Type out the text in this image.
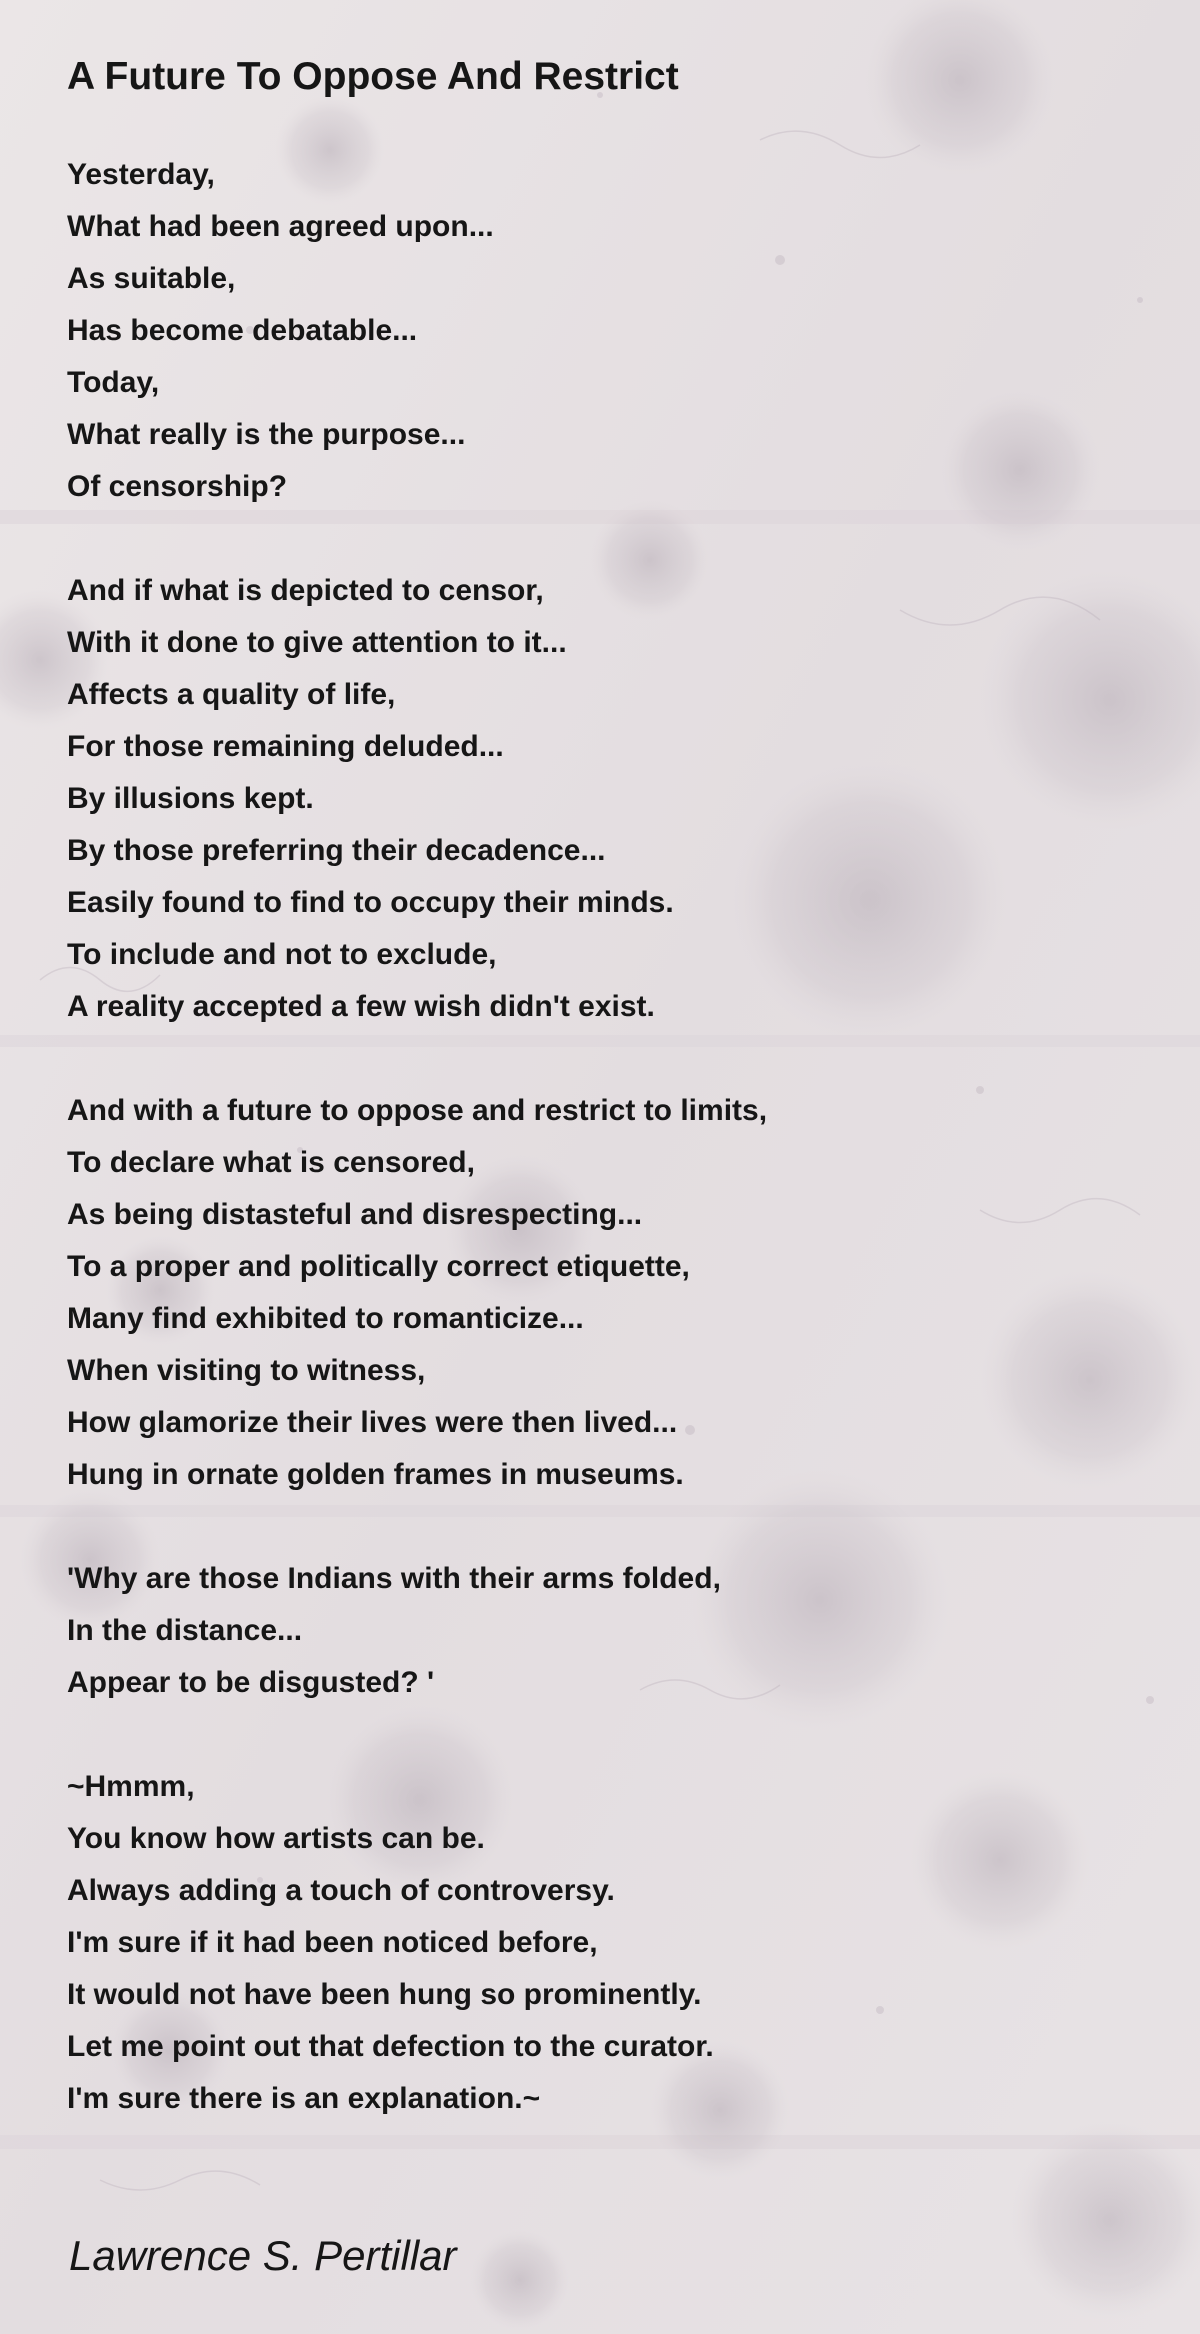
A Future To Oppose And Restrict
Yesterday,
What had been agreed upon...
As suitable,
Has become debatable...
Today,
What really is the purpose...
Of censorship?
And if what is depicted to censor,
With it done to give attention to it...
Affects a quality of life,
For those remaining deluded...
By illusions kept.
By those preferring their decadence...
Easily found to find to occupy their minds.
To include and not to exclude,
A reality accepted a few wish didn't exist.
And with a future to oppose and restrict to limits,
To declare what is censored,
As being distasteful and disrespecting...
To a proper and politically correct etiquette,
Many find exhibited to romanticize...
When visiting to witness,
How glamorize their lives were then lived...
Hung in ornate golden frames in museums.
'Why are those Indians with their arms folded,
In the distance...
Appear to be disgusted? '
~Hmmm,
You know how artists can be.
Always adding a touch of controversy.
I'm sure if it had been noticed before,
It would not have been hung so prominently.
Let me point out that defection to the curator.
I'm sure there is an explanation.~

Lawrence S. Pertillar
